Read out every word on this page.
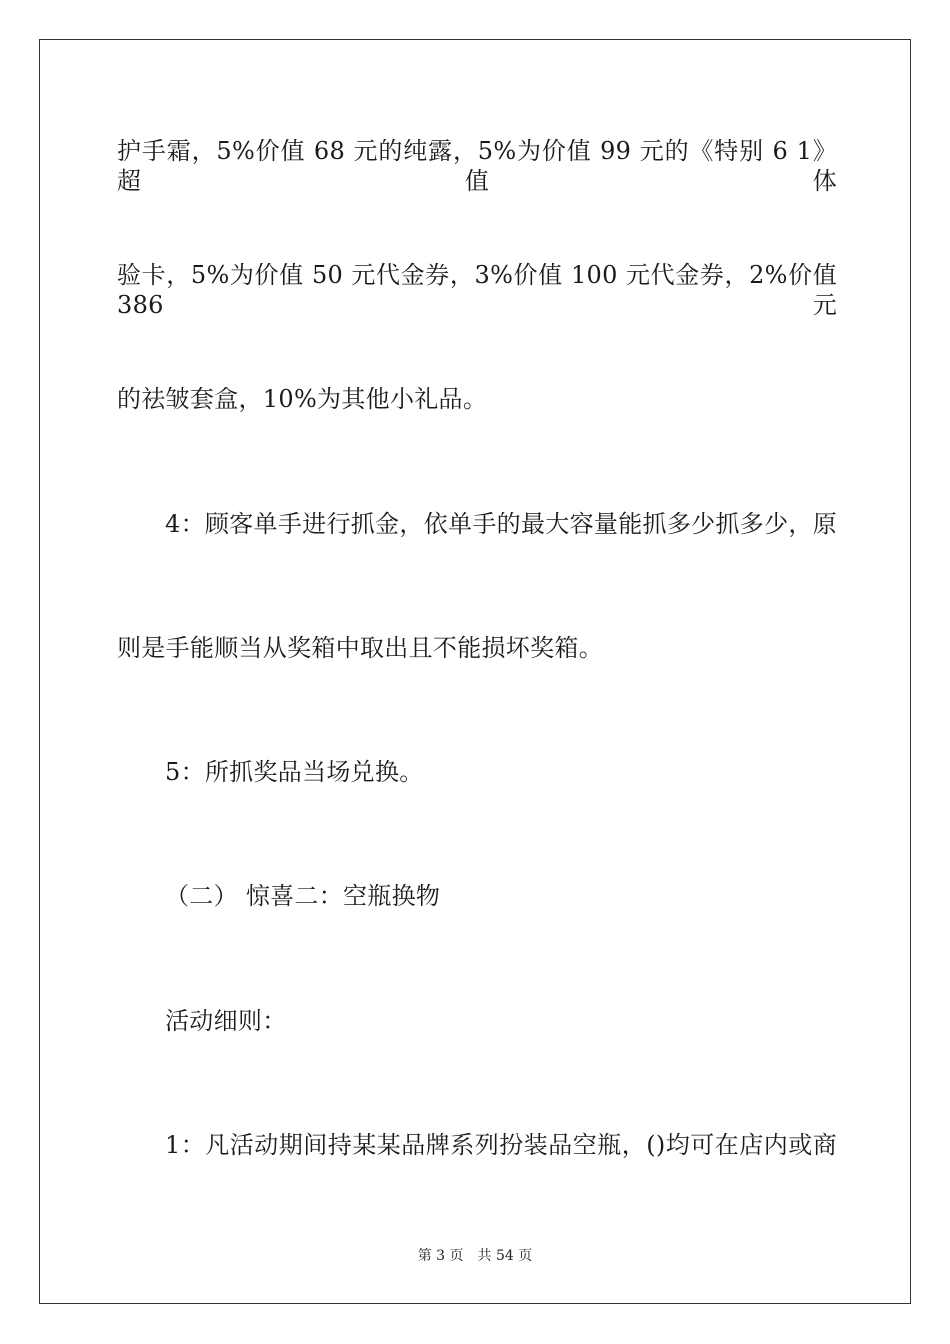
护手霜，5%价值 68 元的纯露，5%为价值 99 元的《特别 6 1》超值体
验卡，5%为价值 50 元代金券，3%价值 100 元代金券，2%价值 386 元
的祛皱套盒，10%为其他小礼品。
4：顾客单手进行抓金，依单手的最大容量能抓多少抓多少，原
则是手能顺当从奖箱中取出且不能损坏奖箱。
5：所抓奖品当场兑换。
（二） 惊喜二：空瓶换物
活动细则：
1：凡活动期间持某某品牌系列扮装品空瓶，()均可在店内或商
第 3 页 共 54 页
